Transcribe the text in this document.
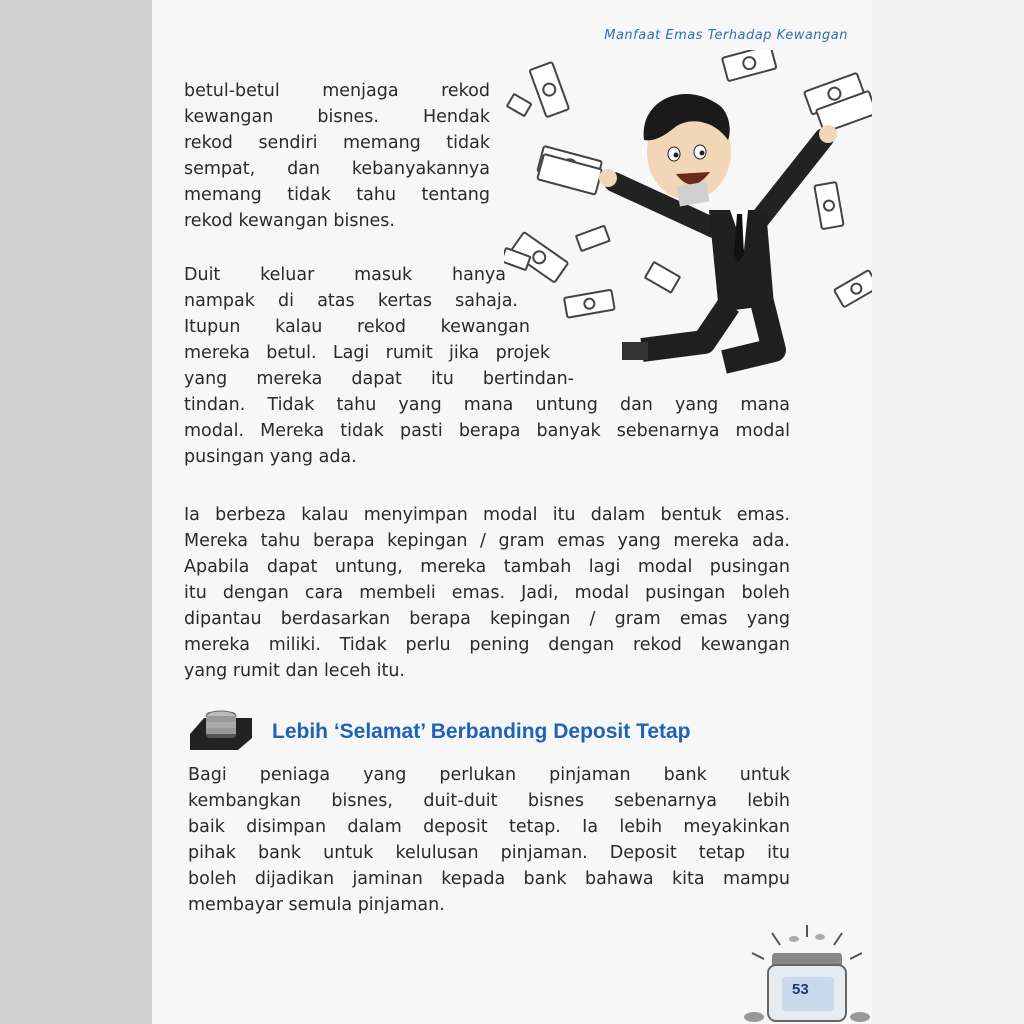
Manfaat Emas Terhadap Kewangan

betul-betul menjaga rekod
kewangan bisnes. Hendak
rekod sendiri memang tidak
sempat, dan kebanyakannya
memang tidak tahu tentang
rekod kewangan bisnes.

Duit keluar masuk hanya
nampak di atas kertas sahaja.
Itupun kalau rekod kewangan
mereka betul. Lagi rumit jika projek
yang mereka dapat itu bertindan-
tindan. Tidak tahu yang mana untung dan yang mana
modal. Mereka tidak pasti berapa banyak sebenarnya modal
pusingan yang ada.

Ia berbeza kalau menyimpan modal itu dalam bentuk emas.
Mereka tahu berapa kepingan / gram emas yang mereka ada.
Apabila dapat untung, mereka tambah lagi modal pusingan
itu dengan cara membeli emas. Jadi, modal pusingan boleh
dipantau berdasarkan berapa kepingan / gram emas yang
mereka miliki. Tidak perlu pening dengan rekod kewangan
yang rumit dan leceh itu.

Lebih ‘Selamat’ Berbanding Deposit Tetap

Bagi peniaga yang perlukan pinjaman bank untuk
kembangkan bisnes, duit-duit bisnes sebenarnya lebih
baik disimpan dalam deposit tetap. Ia lebih meyakinkan
pihak bank untuk kelulusan pinjaman. Deposit tetap itu
boleh dijadikan jaminan kepada bank bahawa kita mampu
membayar semula pinjaman.

53
